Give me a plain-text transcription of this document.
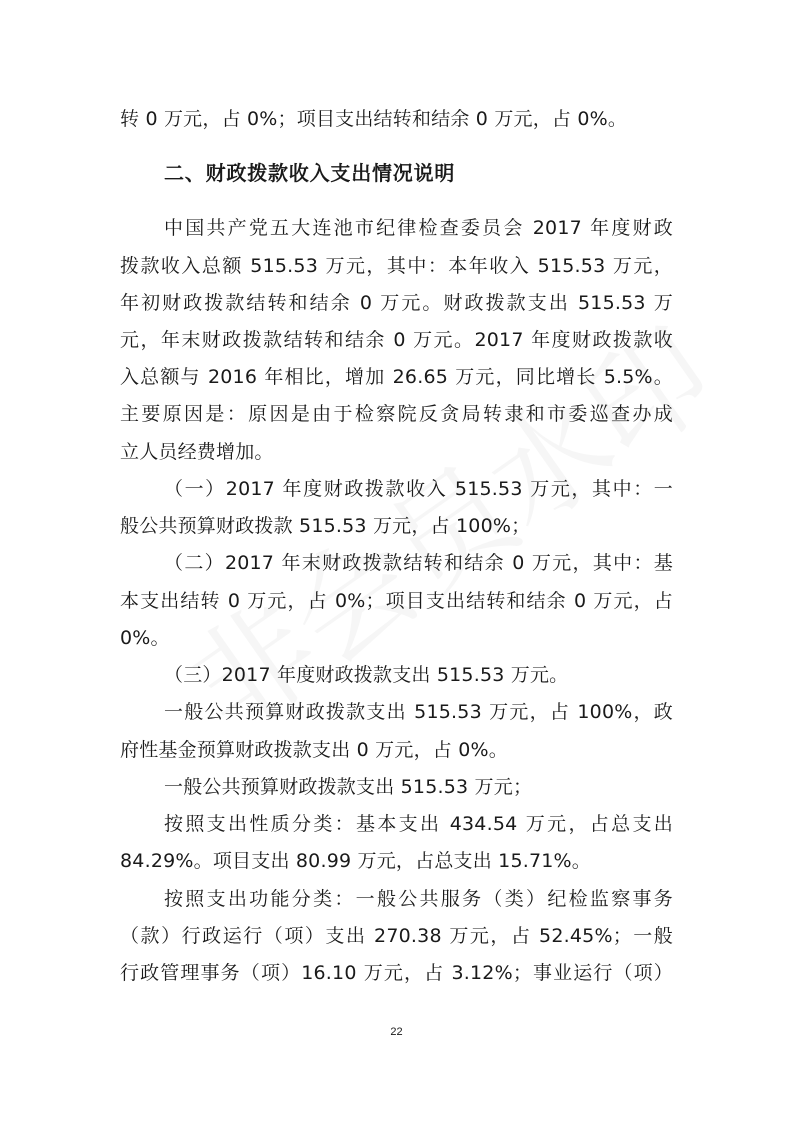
转 0 万元，占 0%；项目支出结转和结余 0 万元，占 0%。
二、财政拨款收入支出情况说明
中国共产党五大连池市纪律检查委员会 2017 年度财政
拨款收入总额 515.53 万元，其中：本年收入 515.53 万元，
年初财政拨款结转和结余 0 万元。财政拨款支出 515.53 万
元，年末财政拨款结转和结余 0 万元。2017 年度财政拨款收
入总额与 2016 年相比，增加 26.65 万元，同比增长 5.5%。
主要原因是：原因是由于检察院反贪局转隶和市委巡查办成
立人员经费增加。
（一）2017 年度财政拨款收入 515.53 万元，其中：一
般公共预算财政拨款 515.53 万元，占 100%；
（二）2017 年末财政拨款结转和结余 0 万元，其中：基
本支出结转 0 万元，占 0%；项目支出结转和结余 0 万元，占
0%。
（三）2017 年度财政拨款支出 515.53 万元。
一般公共预算财政拨款支出 515.53 万元，占 100%，政
府性基金预算财政拨款支出 0 万元，占 0%。
一般公共预算财政拨款支出 515.53 万元；
按照支出性质分类：基本支出 434.54 万元，占总支出
84.29%。项目支出 80.99 万元，占总支出 15.71%。
按照支出功能分类：一般公共服务（类）纪检监察事务
（款）行政运行（项）支出 270.38 万元，占 52.45%；一般
行政管理事务（项）16.10 万元，占 3.12%；事业运行（项）
22
